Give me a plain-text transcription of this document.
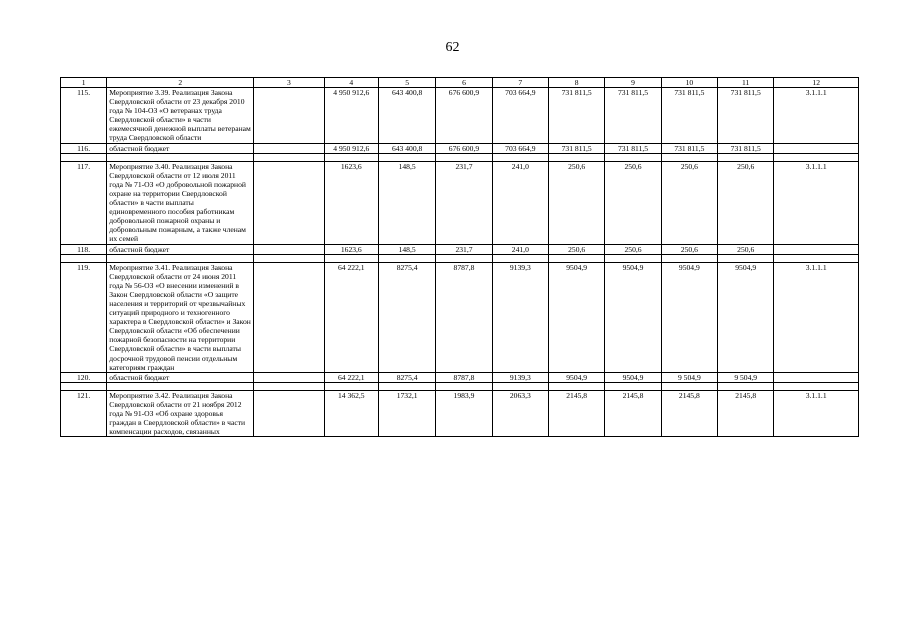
62
1	2	3	4	5	6	7	8	9	10	11	12
115.	Мероприятие 3.39. Реализация Закона Свердловской области от 23 декабря 2010 года № 104-ОЗ «О ветеранах труда Свердловской области» в части ежемесячной денежной выплаты ветеранам труда Свердловской области		4 950 912,6	643 400,8	676 600,9	703 664,9	731 811,5	731 811,5	731 811,5	731 811,5	3.1.1.1
116.	областной бюджет		4 950 912,6	643 400,8	676 600,9	703 664,9	731 811,5	731 811,5	731 811,5	731 811,5	

117.	Мероприятие 3.40. Реализация Закона Свердловской области от 12 июля 2011 года № 71-ОЗ «О добровольной пожарной охране на территории Свердловской области» в части выплаты единовременного пособия работникам добровольной пожарной охраны и добровольным пожарным, а также членам их семей		1623,6	148,5	231,7	241,0	250,6	250,6	250,6	250,6	3.1.1.1
118.	областной бюджет		1623,6	148,5	231,7	241,0	250,6	250,6	250,6	250,6	

119.	Мероприятие 3.41. Реализация Закона Свердловской области от 24 июня 2011 года № 56-ОЗ «О внесении изменений в Закон Свердловской области «О защите населения и территорий от чрезвычайных ситуаций природного и техногенного характера в Свердловской области» и Закон Свердловской области «Об обеспечении пожарной безопасности на территории Свердловской области» в части выплаты досрочной трудовой пенсии отдельным категориям граждан		64 222,1	8275,4	8787,8	9139,3	9504,9	9504,9	9504,9	9504,9	3.1.1.1
120.	областной бюджет		64 222,1	8275,4	8787,8	9139,3	9504,9	9504,9	9 504,9	9 504,9	

121.	Мероприятие 3.42. Реализация Закона Свердловской области от 21 ноября 2012 года № 91-ОЗ «Об охране здоровья граждан в Свердловской области» в части компенсации расходов, связанных		14 362,5	1732,1	1983,9	2063,3	2145,8	2145,8	2145,8	2145,8	3.1.1.1
